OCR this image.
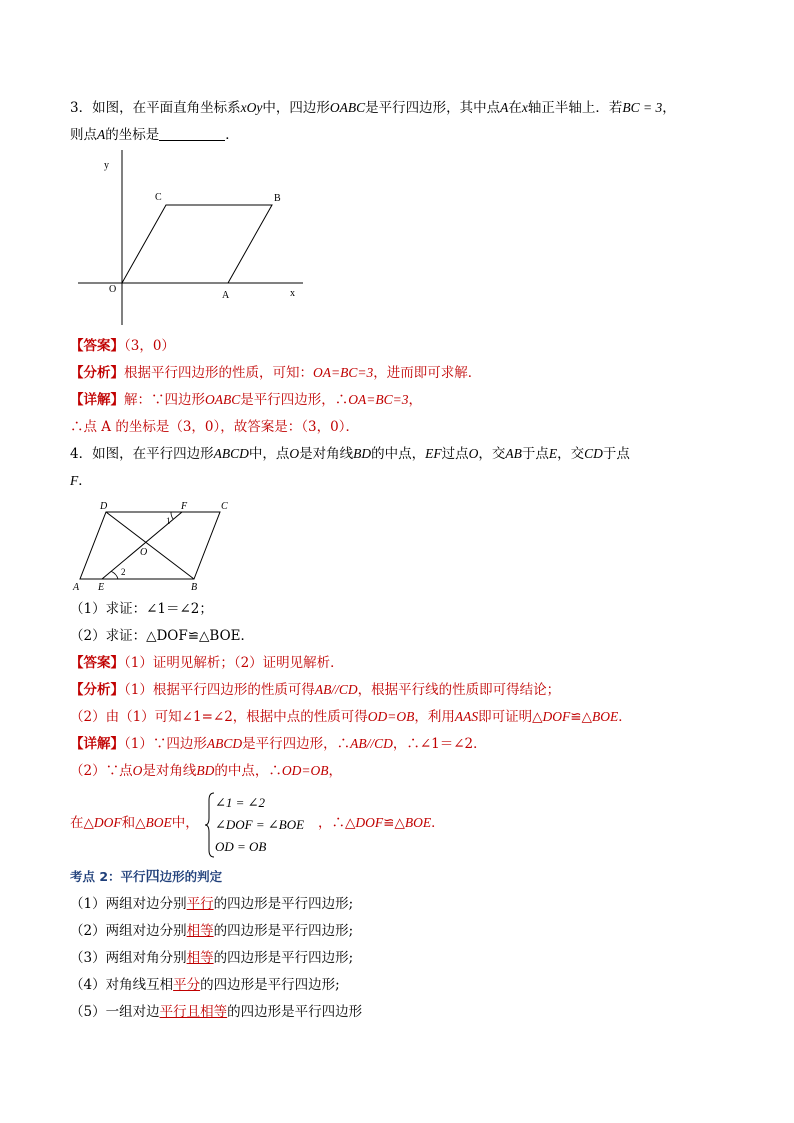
3．如图，在平面直角坐标系xOy中，四边形OABC是平行四边形，其中点A在x轴正半轴上．若BC = 3，
则点A的坐标是	．
y
x
O
A
B
C
【答案】（3，0）
【分析】根据平行四边形的性质，可知：OA=BC=3，进而即可求解．
【详解】解：∵四边形OABC是平行四边形，∴OA=BC=3，
∴点 A 的坐标是（3，0），故答案是：（3，0）．
4．如图，在平行四边形ABCD中，点O是对角线BD的中点，EF过点O，交AB于点E，交CD于点
F．
D	F	C
1
O
2
A E	B
（1）求证：∠1＝∠2；
（2）求证：△DOF≌△BOE．
【答案】（1）证明见解析；（2）证明见解析．
【分析】（1）根据平行四边形的性质可得AB//CD，根据平行线的性质即可得结论；
（2）由（1）可知∠1=∠2，根据中点的性质可得OD=OB，利用AAS即可证明△DOF≌△BOE．
【详解】（1）∵四边形ABCD是平行四边形，∴AB//CD，∴∠1＝∠2．
（2）∵点O是对角线BD的中点，∴OD=OB，
在△DOF和△BOE中，
∠1 = ∠2
∠DOF = ∠BOE
OD = OB
，∴△DOF≌△BOE．
考点 2：平行四边形的判定
（1）两组对边分别平行的四边形是平行四边形;
（2）两组对边分别相等的四边形是平行四边形;
（3）两组对角分别相等的四边形是平行四边形;
（4）对角线互相平分的四边形是平行四边形;
（5）一组对边平行且相等的四边形是平行四边形
